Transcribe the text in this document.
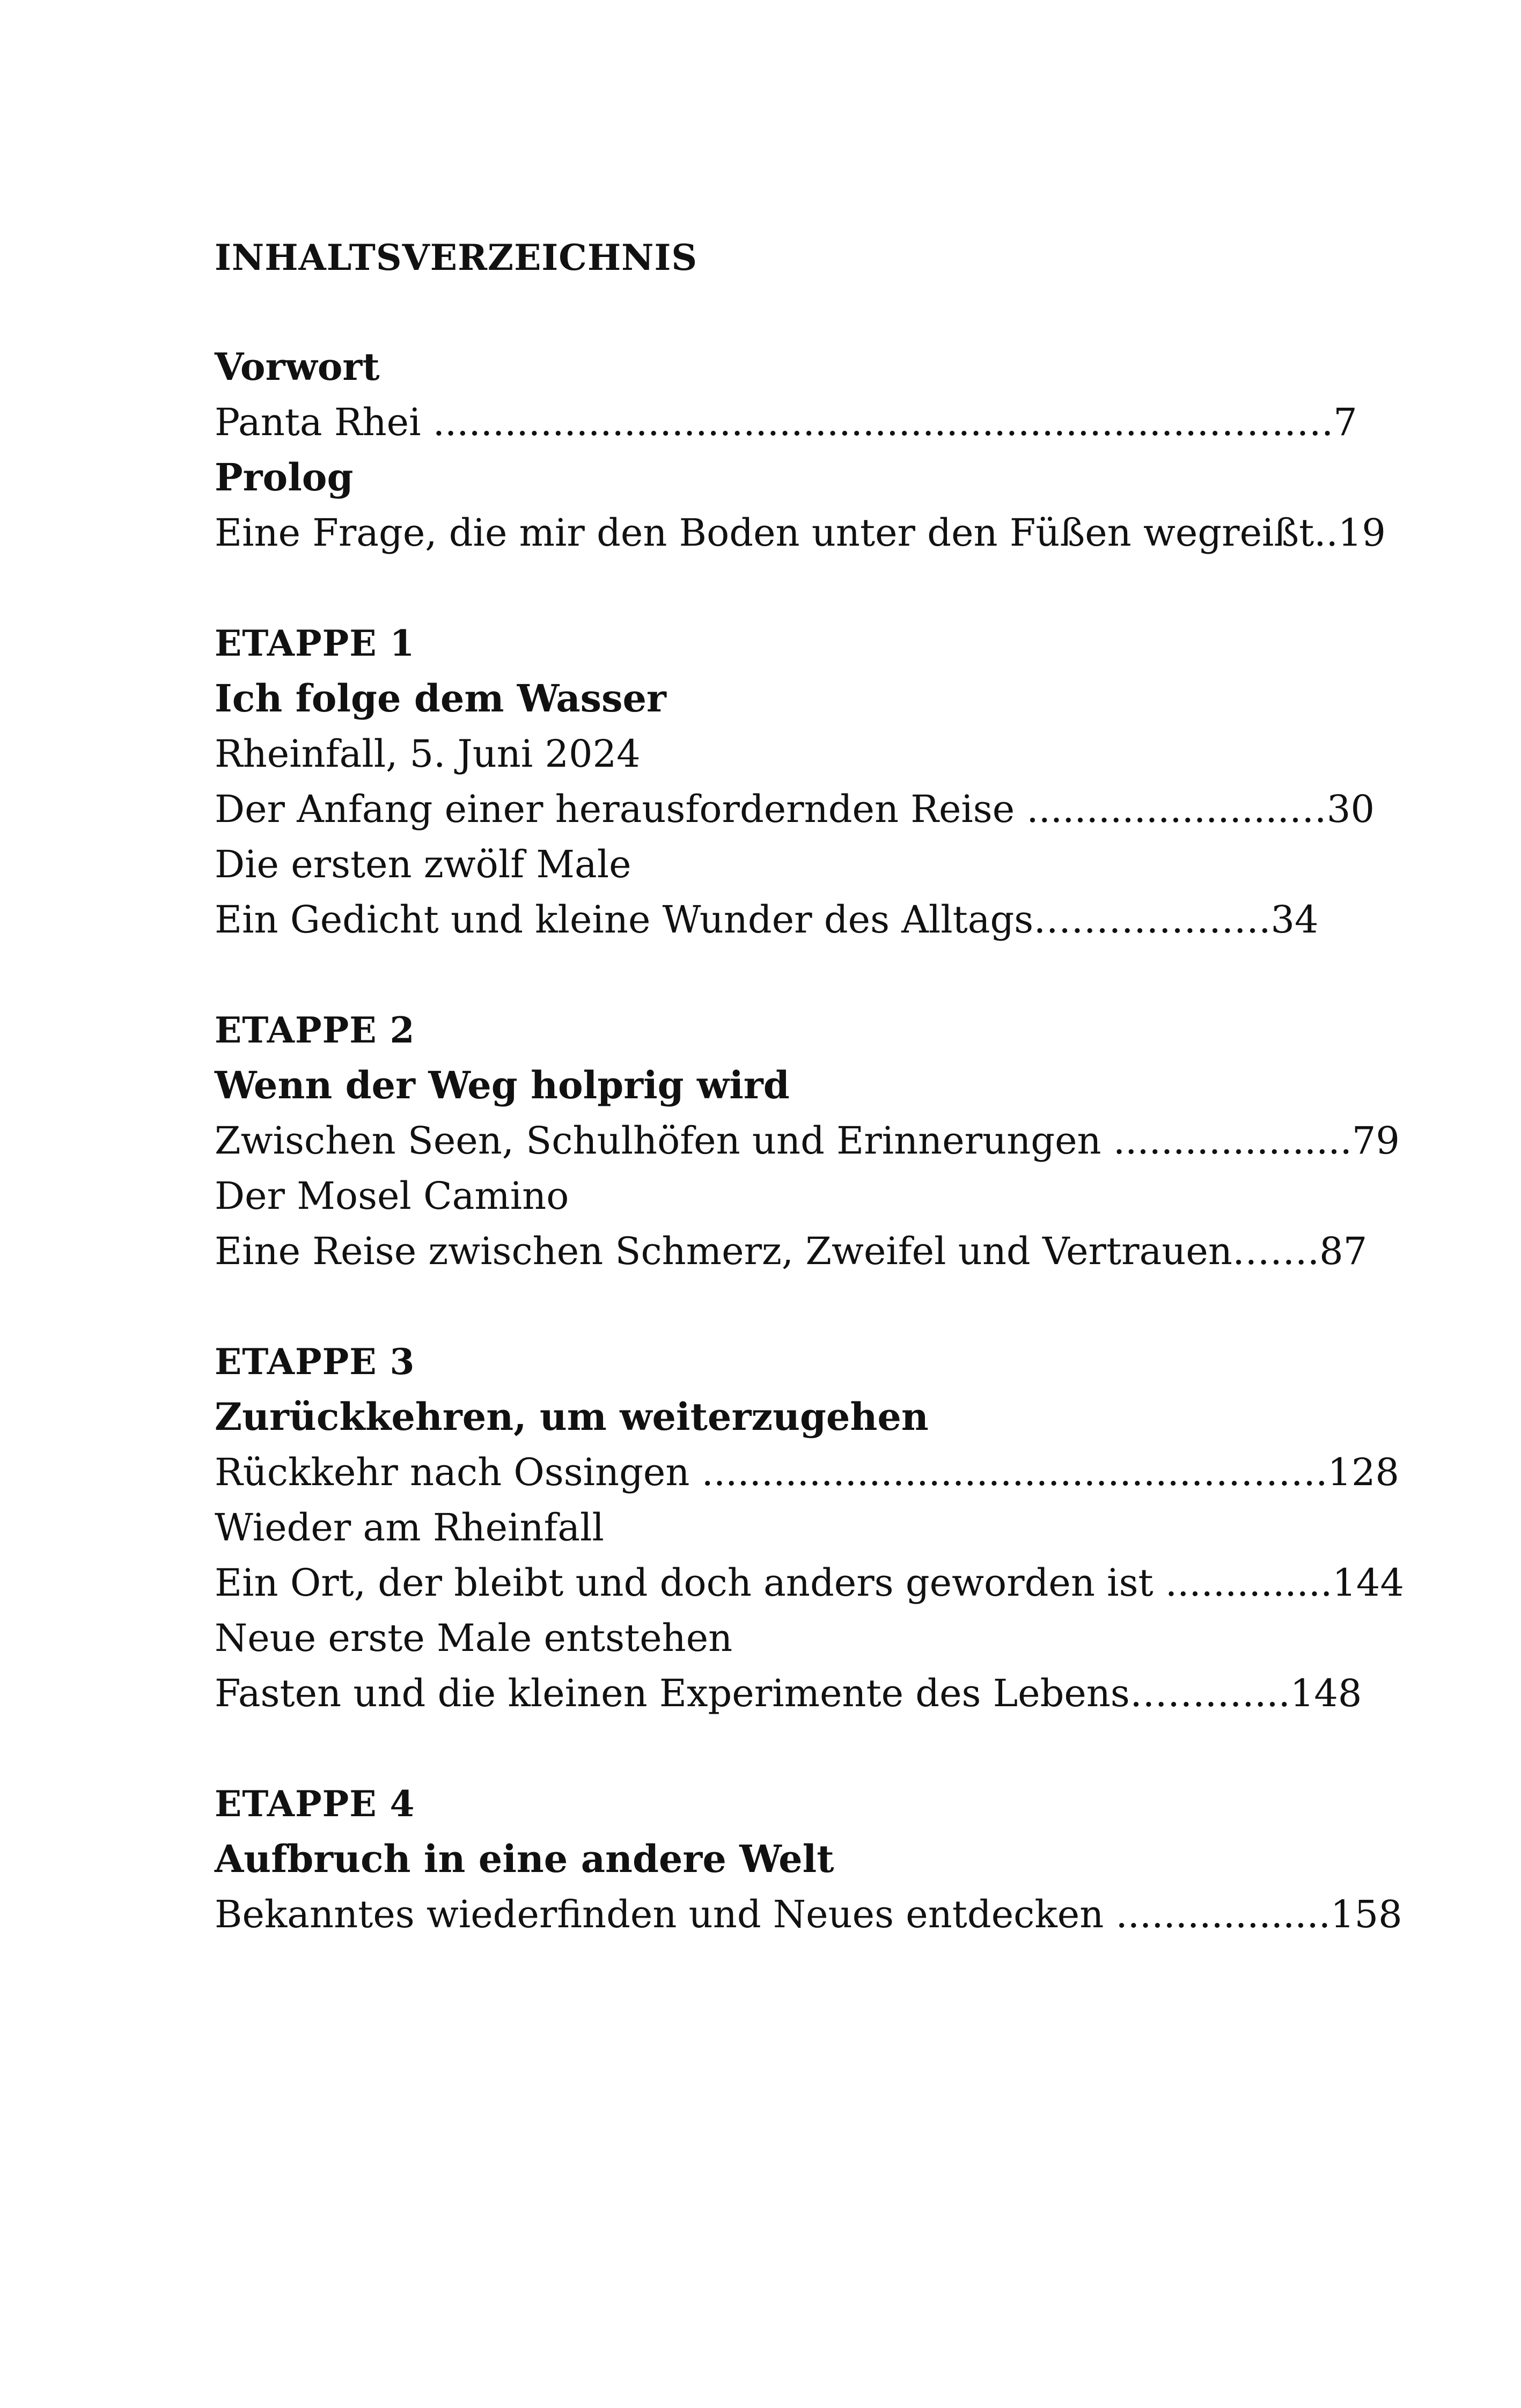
INHALTSVERZEICHNIS
Vorwort
Panta Rhei .................................................................……….7
Prolog
Eine Frage, die mir den Boden unter den Füßen wegreißt..19
ETAPPE 1
Ich folge dem Wasser
Rheinfall, 5. Juni 2024
Der Anfang einer herausfordernden Reise ......................…30
Die ersten zwölf Male
Ein Gedicht und kleine Wunder des Alltags……………….34
ETAPPE 2
Wenn der Weg holprig wird
Zwischen Seen, Schulhöfen und Erinnerungen ....................79
Der Mosel Camino
Eine Reise zwischen Schmerz, Zweifel und Vertrauen…….87
ETAPPE 3
Zurückkehren, um weiterzugehen
Rückkehr nach Ossingen ..........................................……….128
Wieder am Rheinfall
Ein Ort, der bleibt und doch anders geworden ist ..............144
Neue erste Male entstehen
Fasten und die kleinen Experimente des Lebens…….…...148
ETAPPE 4
Aufbruch in eine andere Welt
Bekanntes wiederfinden und Neues entdecken ..................158
